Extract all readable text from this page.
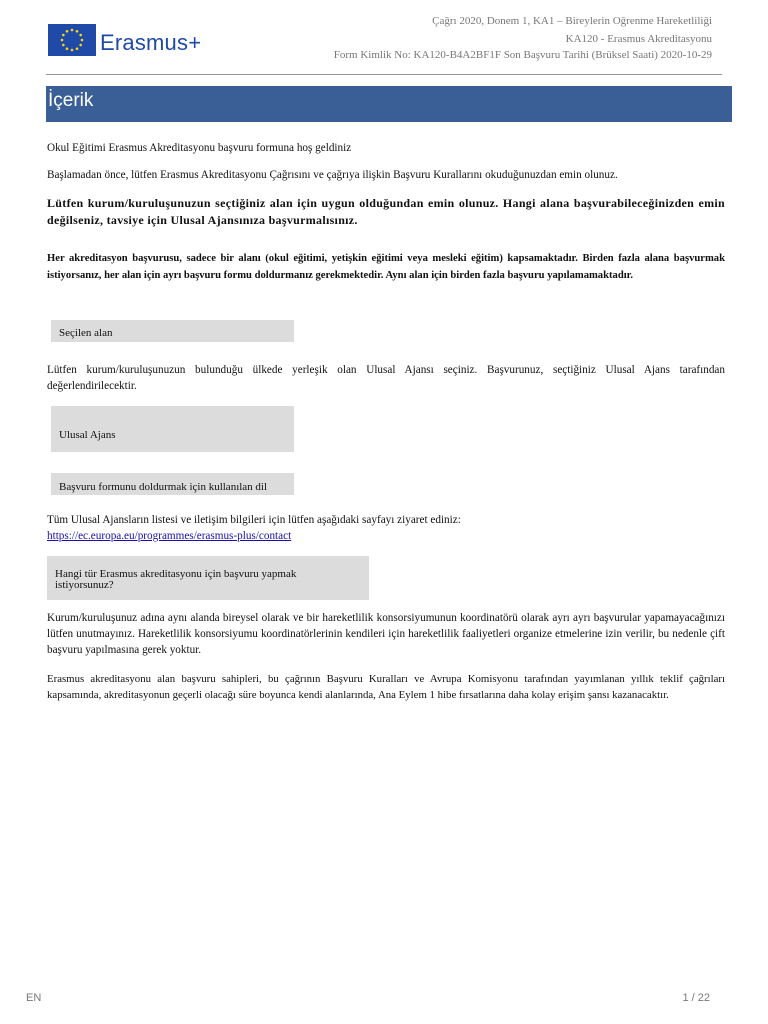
Erasmus+
Çağrı 2020, Donem 1, KA1 – Bireylerin Oğrenme Hareketliliği
KA120 - Erasmus Akreditasyonu
Form Kimlik No: KA120-B4A2BF1F Son Başvuru Tarihi (Brüksel Saati) 2020-10-29
İçerik
Okul Eğitimi Erasmus Akreditasyonu başvuru formuna hoş geldiniz
Başlamadan önce, lütfen Erasmus Akreditasyonu Çağrısını ve çağrıya ilişkin Başvuru Kurallarını okuduğunuzdan emin olunuz.
Lütfen kurum/kuruluşunuzun seçtiğiniz alan için uygun olduğundan emin olunuz. Hangi alana başvurabileceğinizden emin değilseniz, tavsiye için Ulusal Ajansınıza başvurmalısınız.
Her akreditasyon başvurusu, sadece bir alanı (okul eğitimi, yetişkin eğitimi veya mesleki eğitim) kapsamaktadır. Birden fazla alana başvurmak istiyorsanız, her alan için ayrı başvuru formu doldurmanız gerekmektedir. Aynı alan için birden fazla başvuru yapılamamaktadır.
Seçilen alan
Lütfen kurum/kuruluşunuzun bulunduğu ülkede yerleşik olan Ulusal Ajansı seçiniz. Başvurunuz, seçtiğiniz Ulusal Ajans tarafından değerlendirilecektir.
Ulusal Ajans
Başvuru formunu doldurmak için kullanılan dil
Tüm Ulusal Ajansların listesi ve iletişim bilgileri için lütfen aşağıdaki sayfayı ziyaret ediniz:
https://ec.europa.eu/programmes/erasmus-plus/contact
Hangi tür Erasmus akreditasyonu için başvuru yapmak istiyorsunuz?
Kurum/kuruluşunuz adına aynı alanda bireysel olarak ve bir hareketlilik konsorsiyumunun koordinatörü olarak ayrı ayrı başvurular yapamayacağınızı lütfen unutmayınız. Hareketlilik konsorsiyumu koordinatörlerinin kendileri için hareketlilik faaliyetleri organize etmelerine izin verilir, bu nedenle çift başvuru yapılmasına gerek yoktur.
Erasmus akreditasyonu alan başvuru sahipleri, bu çağrının Başvuru Kuralları ve Avrupa Komisyonu tarafından yayımlanan yıllık teklif çağrıları kapsamında, akreditasyonun geçerli olacağı süre boyunca kendi alanlarında, Ana Eylem 1 hibe fırsatlarına daha kolay erişim şansı kazanacaktır.
EN	1 / 22
